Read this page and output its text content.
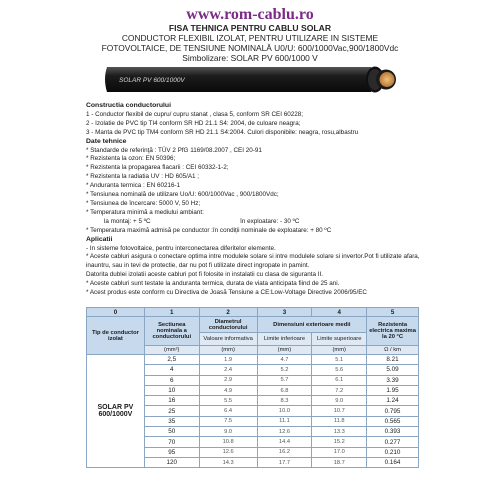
www.rom-cablu.ro
FISA TEHNICA PENTRU CABLU SOLAR
CONDUCTOR FLEXIBIL IZOLAT, PENTRU UTILIZARE IN SISTEME
FOTOVOLTAICE, DE TENSIUNE NOMINALĂ U0/U: 600/1000Vac,900/1800Vdc
Simbolizare: SOLAR PV 600/1000 V
SOLAR PV 600/1000V
Constructia conductorului
1 - Conductor flexibil de cupru/ cupru stanat , clasa 5, conform SR CEI 60228;
2 - Izolatie de PVC tip TI4 conform SR HD 21.1 S4: 2004, de culoare neagra;
3 - Manta de PVC tip TM4 conform SR HD 21.1 S4:2004. Culori disponibile: neagra, rosu,albastru
Date tehnice
* Standarde de referinţă : TÜV 2 PfG 1169/08.2007 , CEI 20-91
* Rezistenta la ozon: EN 50396;
* Rezistenta la propagarea flacarii : CEI 60332-1-2;
* Rezistenta la radiatia UV : HD 605/A1 ;
* Anduranta termica : EN 60216-1
* Tensiunea nominală de utilizare Uo/U: 600/1000Vac , 900/1800Vdc;
* Tensiunea de încercare: 5000 V, 50 Hz;
* Temperatura minimă a mediului ambiant:
la montaj: + 5 ºC	în exploatare: - 30 ºC
* Temperatura maximă admisă pe conductor :în condiții nominale de exploatare: + 80 ºC
Aplicatii
- In sisteme fotovoltaice, pentru interconectarea diferitelor elemente.
* Aceste cabluri asigura o conectare optima intre modulele solare si intre modulele solare si invertor.Pot fi utilizate afara, inauntru, sau in tevi de protectie, dar nu pot fi utilizate direct ingropate in pamint.
Datorita dublei izolatii aceste cabluri pot fi folosite in instalatii cu clasa de siguranta II.
* Aceste cabluri sunt testate la anduranta termica, durata de viata anticipata fiind de 25 ani.
* Acest produs este conform cu Directiva de Joasă Tensiune a CE:Low-Voltage Directive 2006/95/EC
0	1	2	3	4	5
Tip de conductor izolat	Sectiunea nominala a conductorului	Diametrul conductorului	Dimensiuni exterioare medii		Rezistenta electrica maxima la 20 °C
		Valoare informativa	Limite inferioare	Limite superioare	
	(mm²)	(mm)	(mm)	(mm)	Ω / km

SOLAR PV
600/1000V	2,5	1.9	4.7	5.1	8.21
	4	2.4	5.2	5.6	5.09
	6	2.9	5.7	6.1	3.39
	10	4.9	6.8	7.2	1.95
	16	5.5	8.3	9.0	1.24
	25	6.4	10.0	10.7	0.795
	35	7.5	11.1	11.8	0.565
	50	9.0	12.6	13.3	0.393
	70	10.8	14.4	15.2	0.277
	95	12.6	16.2	17.0	0.210
	120	14.3	17.7	18.7	0.164
